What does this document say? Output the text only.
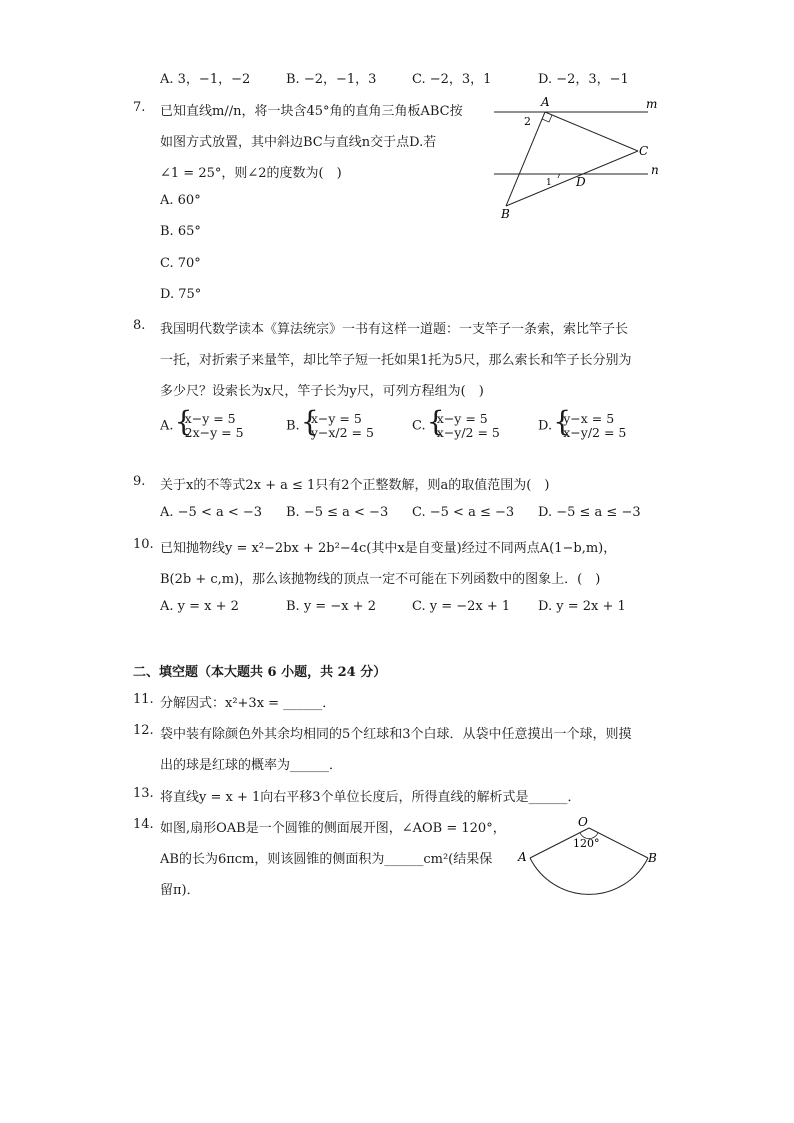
A. 3，−1，−2	B. −2，−1，3	C. −2，3，1	D. −2，3，−1
7. 已知直线m//n，将一块含45°角的直角三角板ABC按
如图方式放置，其中斜边BC与直线n交于点D.若
∠1 = 25°，则∠2的度数为(　)
A. 60°
B. 65°
C. 70°
D. 75°
A	m
2
C
n
1 D
B
8. 我国明代数学读本《算法统宗》一书有这样一道题：一支竿子一条索，索比竿子长
一托，对折索子来量竿，却比竿子短一托如果1托为5尺，那么索长和竿子长分别为
多少尺？设索长为x尺，竿子长为y尺，可列方程组为(　)
A. { x−y = 5
2x−y = 5	B. { x−y = 5
y−x/2 = 5	C. { x−y = 5
x−y/2 = 5	D. { y−x = 5
x−y/2 = 5
9. 关于x的不等式2x + a ≤ 1只有2个正整数解，则a的取值范围为(　)
A. −5 < a < −3 B. −5 ≤ a < −3 C. −5 < a ≤ −3 D. −5 ≤ a ≤ −3
10. 已知抛物线y = x²−2bx + 2b²−4c(其中x是自变量)经过不同两点A(1−b,m)，
B(2b + c,m)，那么该抛物线的顶点一定不可能在下列函数中的图象上．(　)
A. y = x + 2	B. y = −x + 2	C. y = −2x + 1 D. y = 2x + 1
二、填空题（本大题共 6 小题，共 24 分）
11. 分解因式：x²+3x = ______．
12. 袋中装有除颜色外其余均相同的5个红球和3个白球．从袋中任意摸出一个球，则摸
出的球是红球的概率为______．
13. 将直线y = x + 1向右平移3个单位长度后，所得直线的解析式是______．
14. 如图,扇形OAB是一个圆锥的侧面展开图，∠AOB = 120°，
AB的长为6πcm，则该圆锥的侧面积为______cm²(结果保
留π)．
O
120°
A	B
